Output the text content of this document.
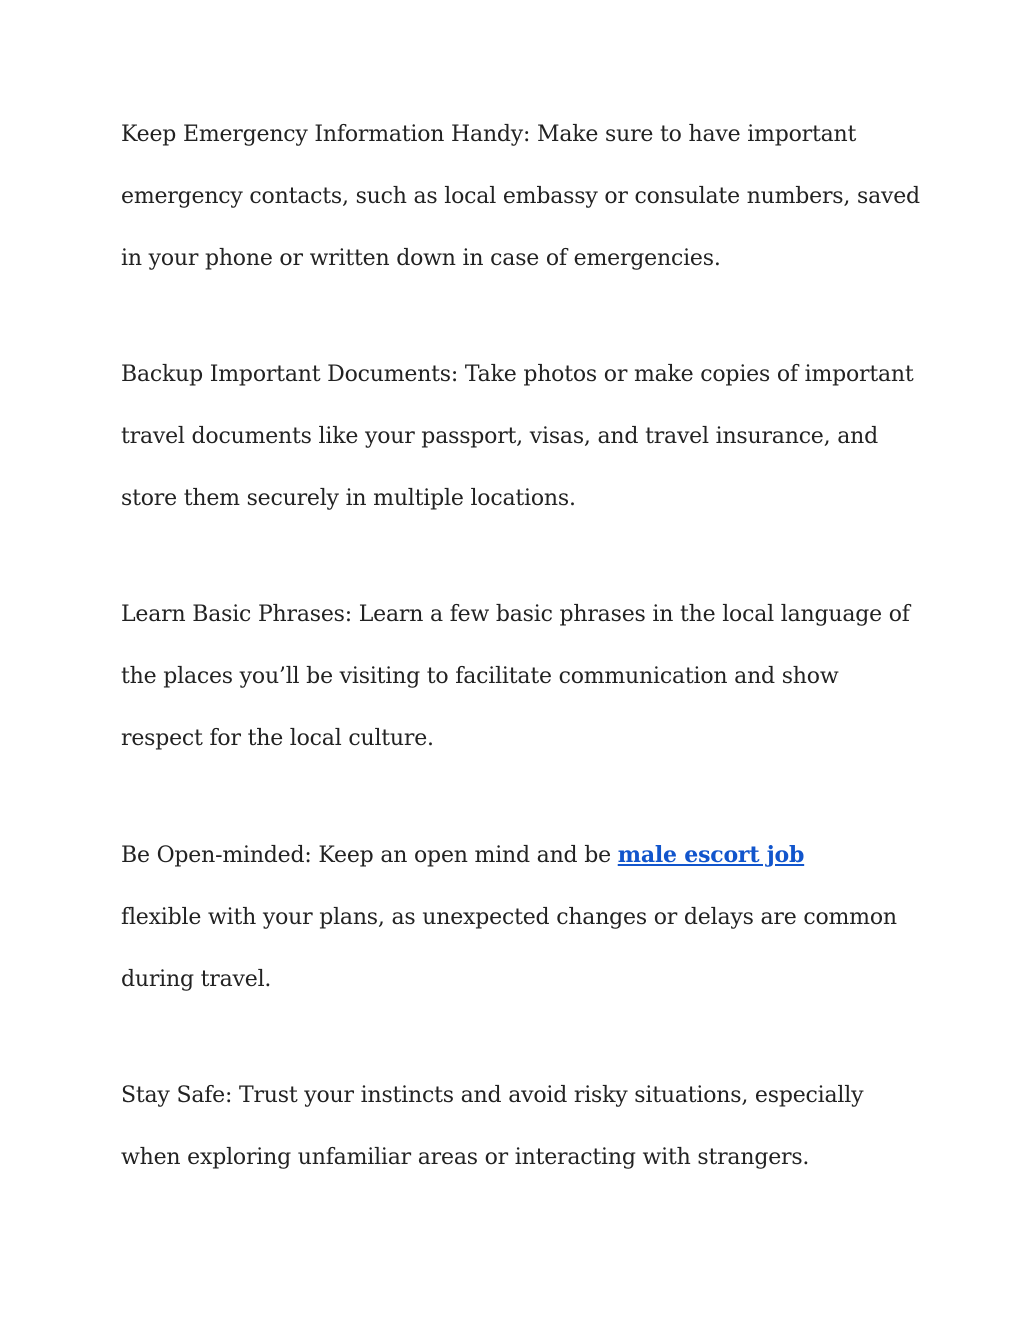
Keep Emergency Information Handy: Make sure to have important emergency contacts, such as local embassy or consulate numbers, saved in your phone or written down in case of emergencies.

Backup Important Documents: Take photos or make copies of important travel documents like your passport, visas, and travel insurance, and store them securely in multiple locations.

Learn Basic Phrases: Learn a few basic phrases in the local language of the places you’ll be visiting to facilitate communication and show respect for the local culture.

Be Open-minded: Keep an open mind and be male escort job
flexible with your plans, as unexpected changes or delays are common during travel.

Stay Safe: Trust your instincts and avoid risky situations, especially when exploring unfamiliar areas or interacting with strangers.
